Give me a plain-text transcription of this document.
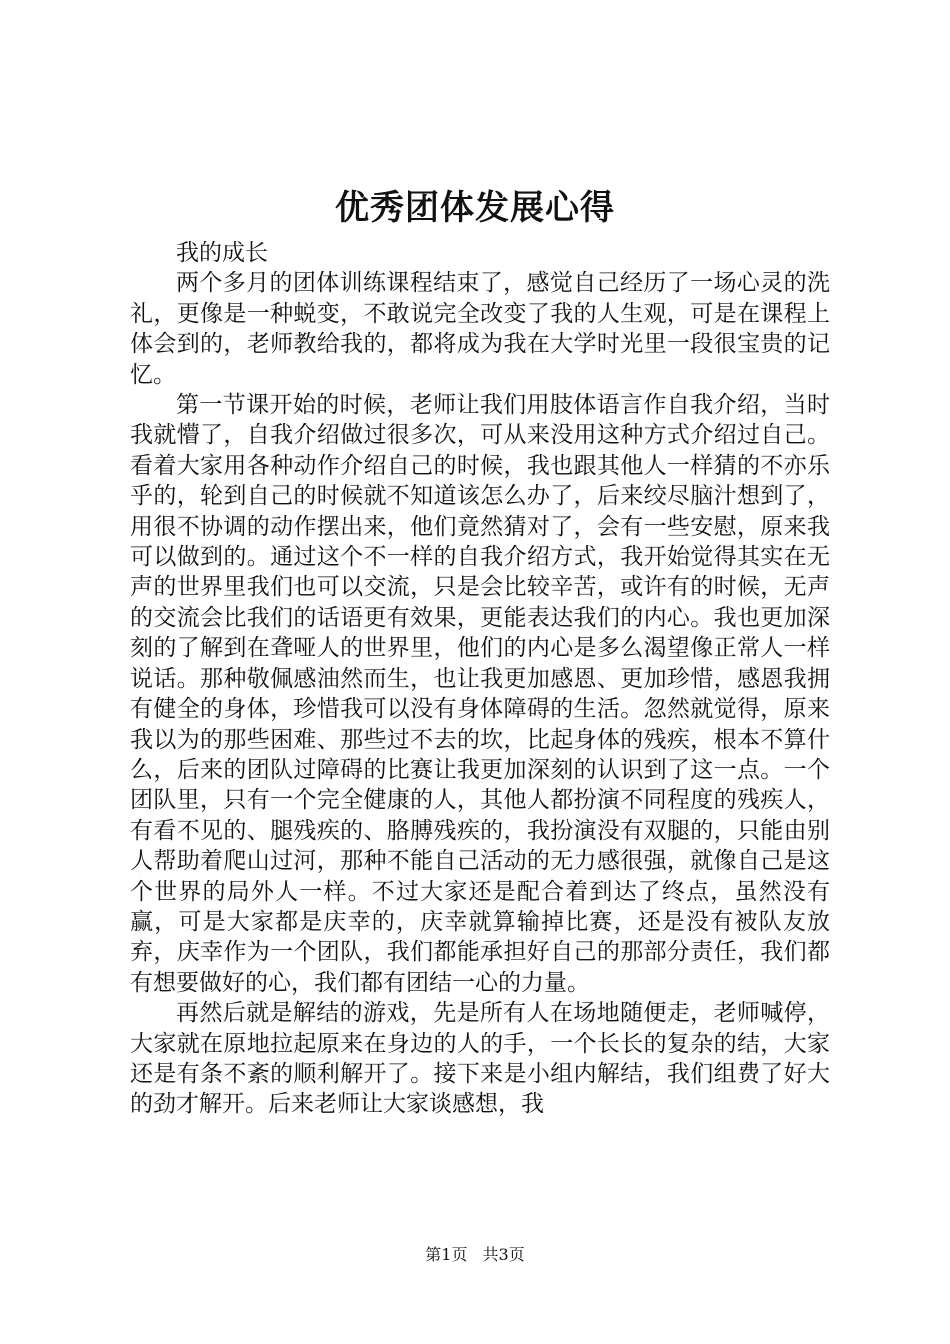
优秀团体发展心得

我的成长

两个多月的团体训练课程结束了，感觉自己经历了一场心灵的洗礼，更像是一种蜕变，不敢说完全改变了我的人生观，可是在课程上体会到的，老师教给我的，都将成为我在大学时光里一段很宝贵的记忆。

第一节课开始的时候，老师让我们用肢体语言作自我介绍，当时我就懵了，自我介绍做过很多次，可从来没用这种方式介绍过自己。看着大家用各种动作介绍自己的时候，我也跟其他人一样猜的不亦乐乎的，轮到自己的时候就不知道该怎么办了，后来绞尽脑汁想到了，用很不协调的动作摆出来，他们竟然猜对了，会有一些安慰，原来我可以做到的。通过这个不一样的自我介绍方式，我开始觉得其实在无声的世界里我们也可以交流，只是会比较辛苦，或许有的时候，无声的交流会比我们的话语更有效果，更能表达我们的内心。我也更加深刻的了解到在聋哑人的世界里，他们的内心是多么渴望像正常人一样说话。那种敬佩感油然而生，也让我更加感恩、更加珍惜，感恩我拥有健全的身体，珍惜我可以没有身体障碍的生活。忽然就觉得，原来我以为的那些困难、那些过不去的坎，比起身体的残疾，根本不算什么，后来的团队过障碍的比赛让我更加深刻的认识到了这一点。一个团队里，只有一个完全健康的人，其他人都扮演不同程度的残疾人，有看不见的、腿残疾的、胳膊残疾的，我扮演没有双腿的，只能由别人帮助着爬山过河，那种不能自己活动的无力感很强，就像自己是这个世界的局外人一样。不过大家还是配合着到达了终点，虽然没有赢，可是大家都是庆幸的，庆幸就算输掉比赛，还是没有被队友放弃，庆幸作为一个团队，我们都能承担好自己的那部分责任，我们都有想要做好的心，我们都有团结一心的力量。

再然后就是解结的游戏，先是所有人在场地随便走，老师喊停，大家就在原地拉起原来在身边的人的手，一个长长的复杂的结，大家还是有条不紊的顺利解开了。接下来是小组内解结，我们组费了好大的劲才解开。后来老师让大家谈感想，我

第1页 共3页
